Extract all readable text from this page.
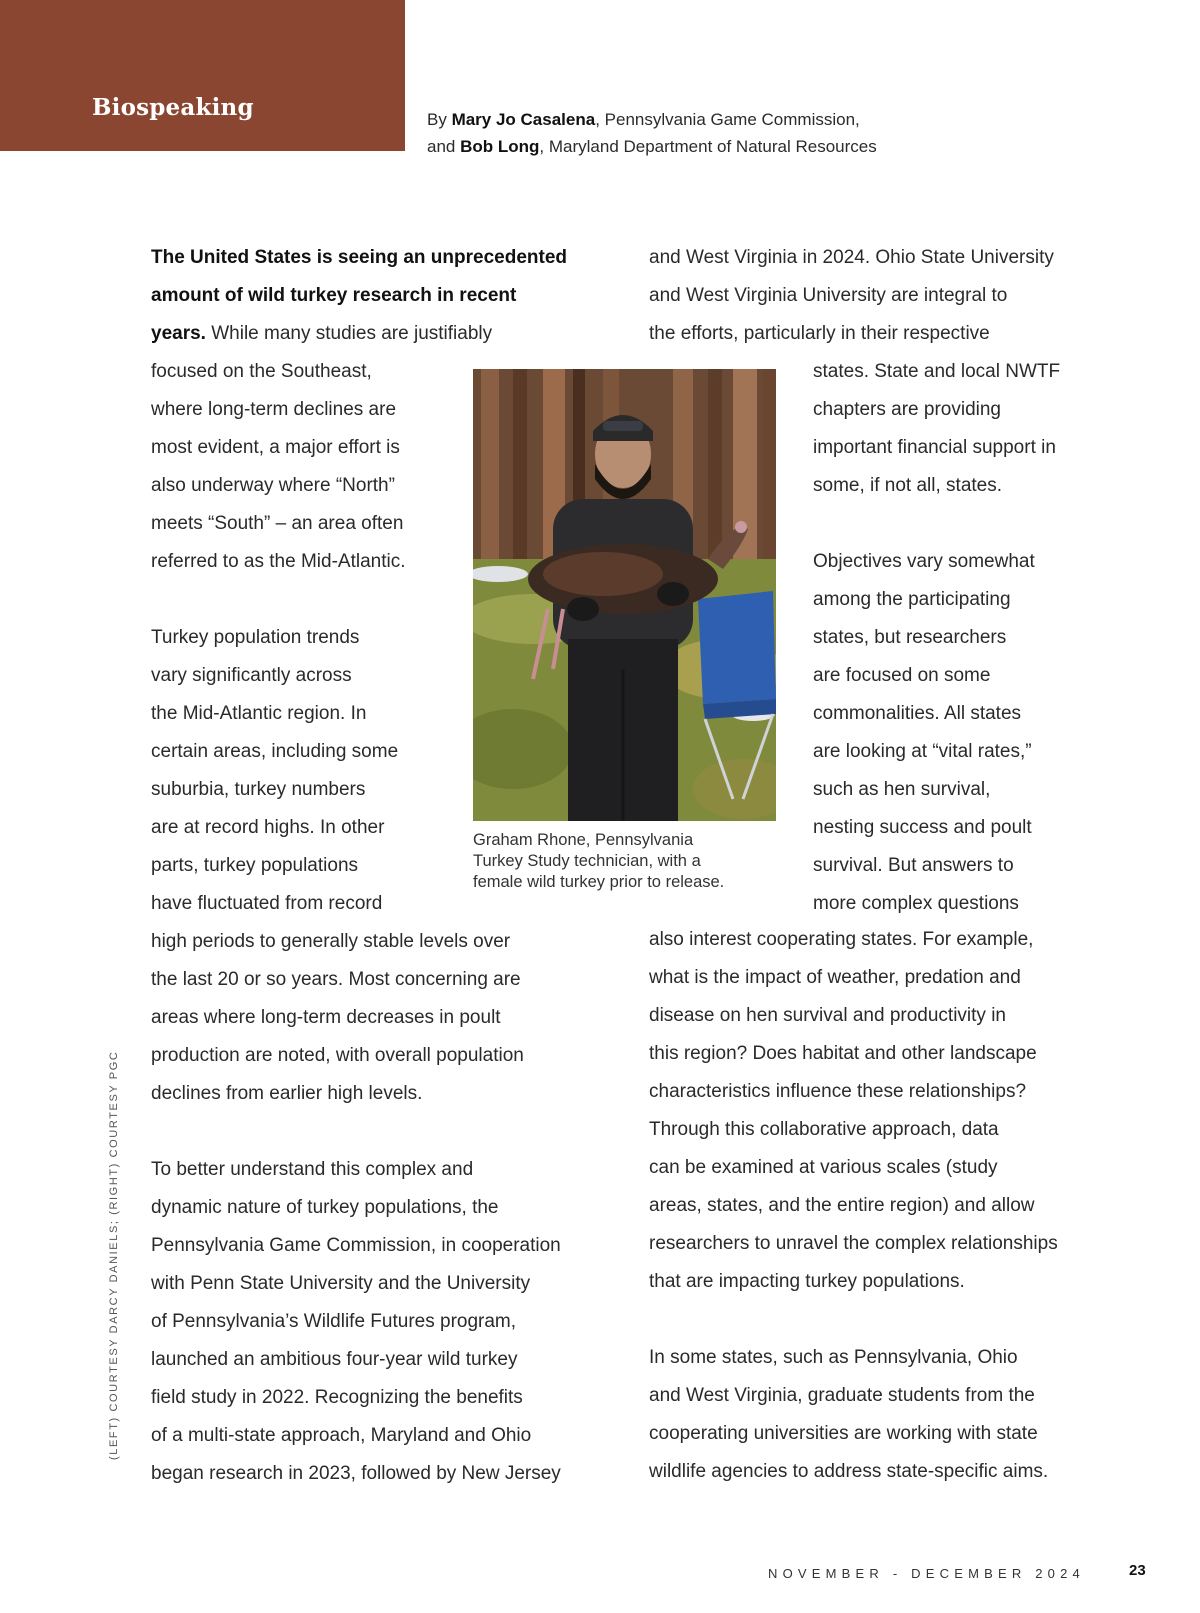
Biospeaking	By Mary Jo Casalena, Pennsylvania Game Commission,
and Bob Long, Maryland Department of Natural Resources

The United States is seeing an unprecedented
amount of wild turkey research in recent
years. While many studies are justifiably
focused on the Southeast,
where long-term declines are
most evident, a major effort is
also underway where “North”
meets “South” – an area often
referred to as the Mid-Atlantic.

Turkey population trends
vary significantly across
the Mid-Atlantic region. In
certain areas, including some
suburbia, turkey numbers
are at record highs. In other
parts, turkey populations
have fluctuated from record
high periods to generally stable levels over
the last 20 or so years. Most concerning are
areas where long-term decreases in poult
production are noted, with overall population
declines from earlier high levels.

To better understand this complex and
dynamic nature of turkey populations, the
Pennsylvania Game Commission, in cooperation
with Penn State University and the University
of Pennsylvania’s Wildlife Futures program,
launched an ambitious four-year wild turkey
field study in 2022. Recognizing the benefits
of a multi-state approach, Maryland and Ohio
began research in 2023, followed by New Jersey

and West Virginia in 2024. Ohio State University
and West Virginia University are integral to
the efforts, particularly in their respective

states. State and local NWTF
chapters are providing
important financial support in
some, if not all, states.

Objectives vary somewhat
among the participating
states, but researchers
are focused on some
commonalities. All states
are looking at “vital rates,”
such as hen survival,
nesting success and poult
survival. But answers to
more complex questions

also interest cooperating states. For example,
what is the impact of weather, predation and
disease on hen survival and productivity in
this region? Does habitat and other landscape
characteristics influence these relationships?
Through this collaborative approach, data
can be examined at various scales (study
areas, states, and the entire region) and allow
researchers to unravel the complex relationships
that are impacting turkey populations.

In some states, such as Pennsylvania, Ohio
and West Virginia, graduate students from the
cooperating universities are working with state
wildlife agencies to address state-specific aims.

Graham Rhone, Pennsylvania
Turkey Study technician, with a
female wild turkey prior to release.
(LEFT) COURTESY DARCY DANIELS; (RIGHT) COURTESY PGC
NOVEMBER - DECEMBER 2024	23
